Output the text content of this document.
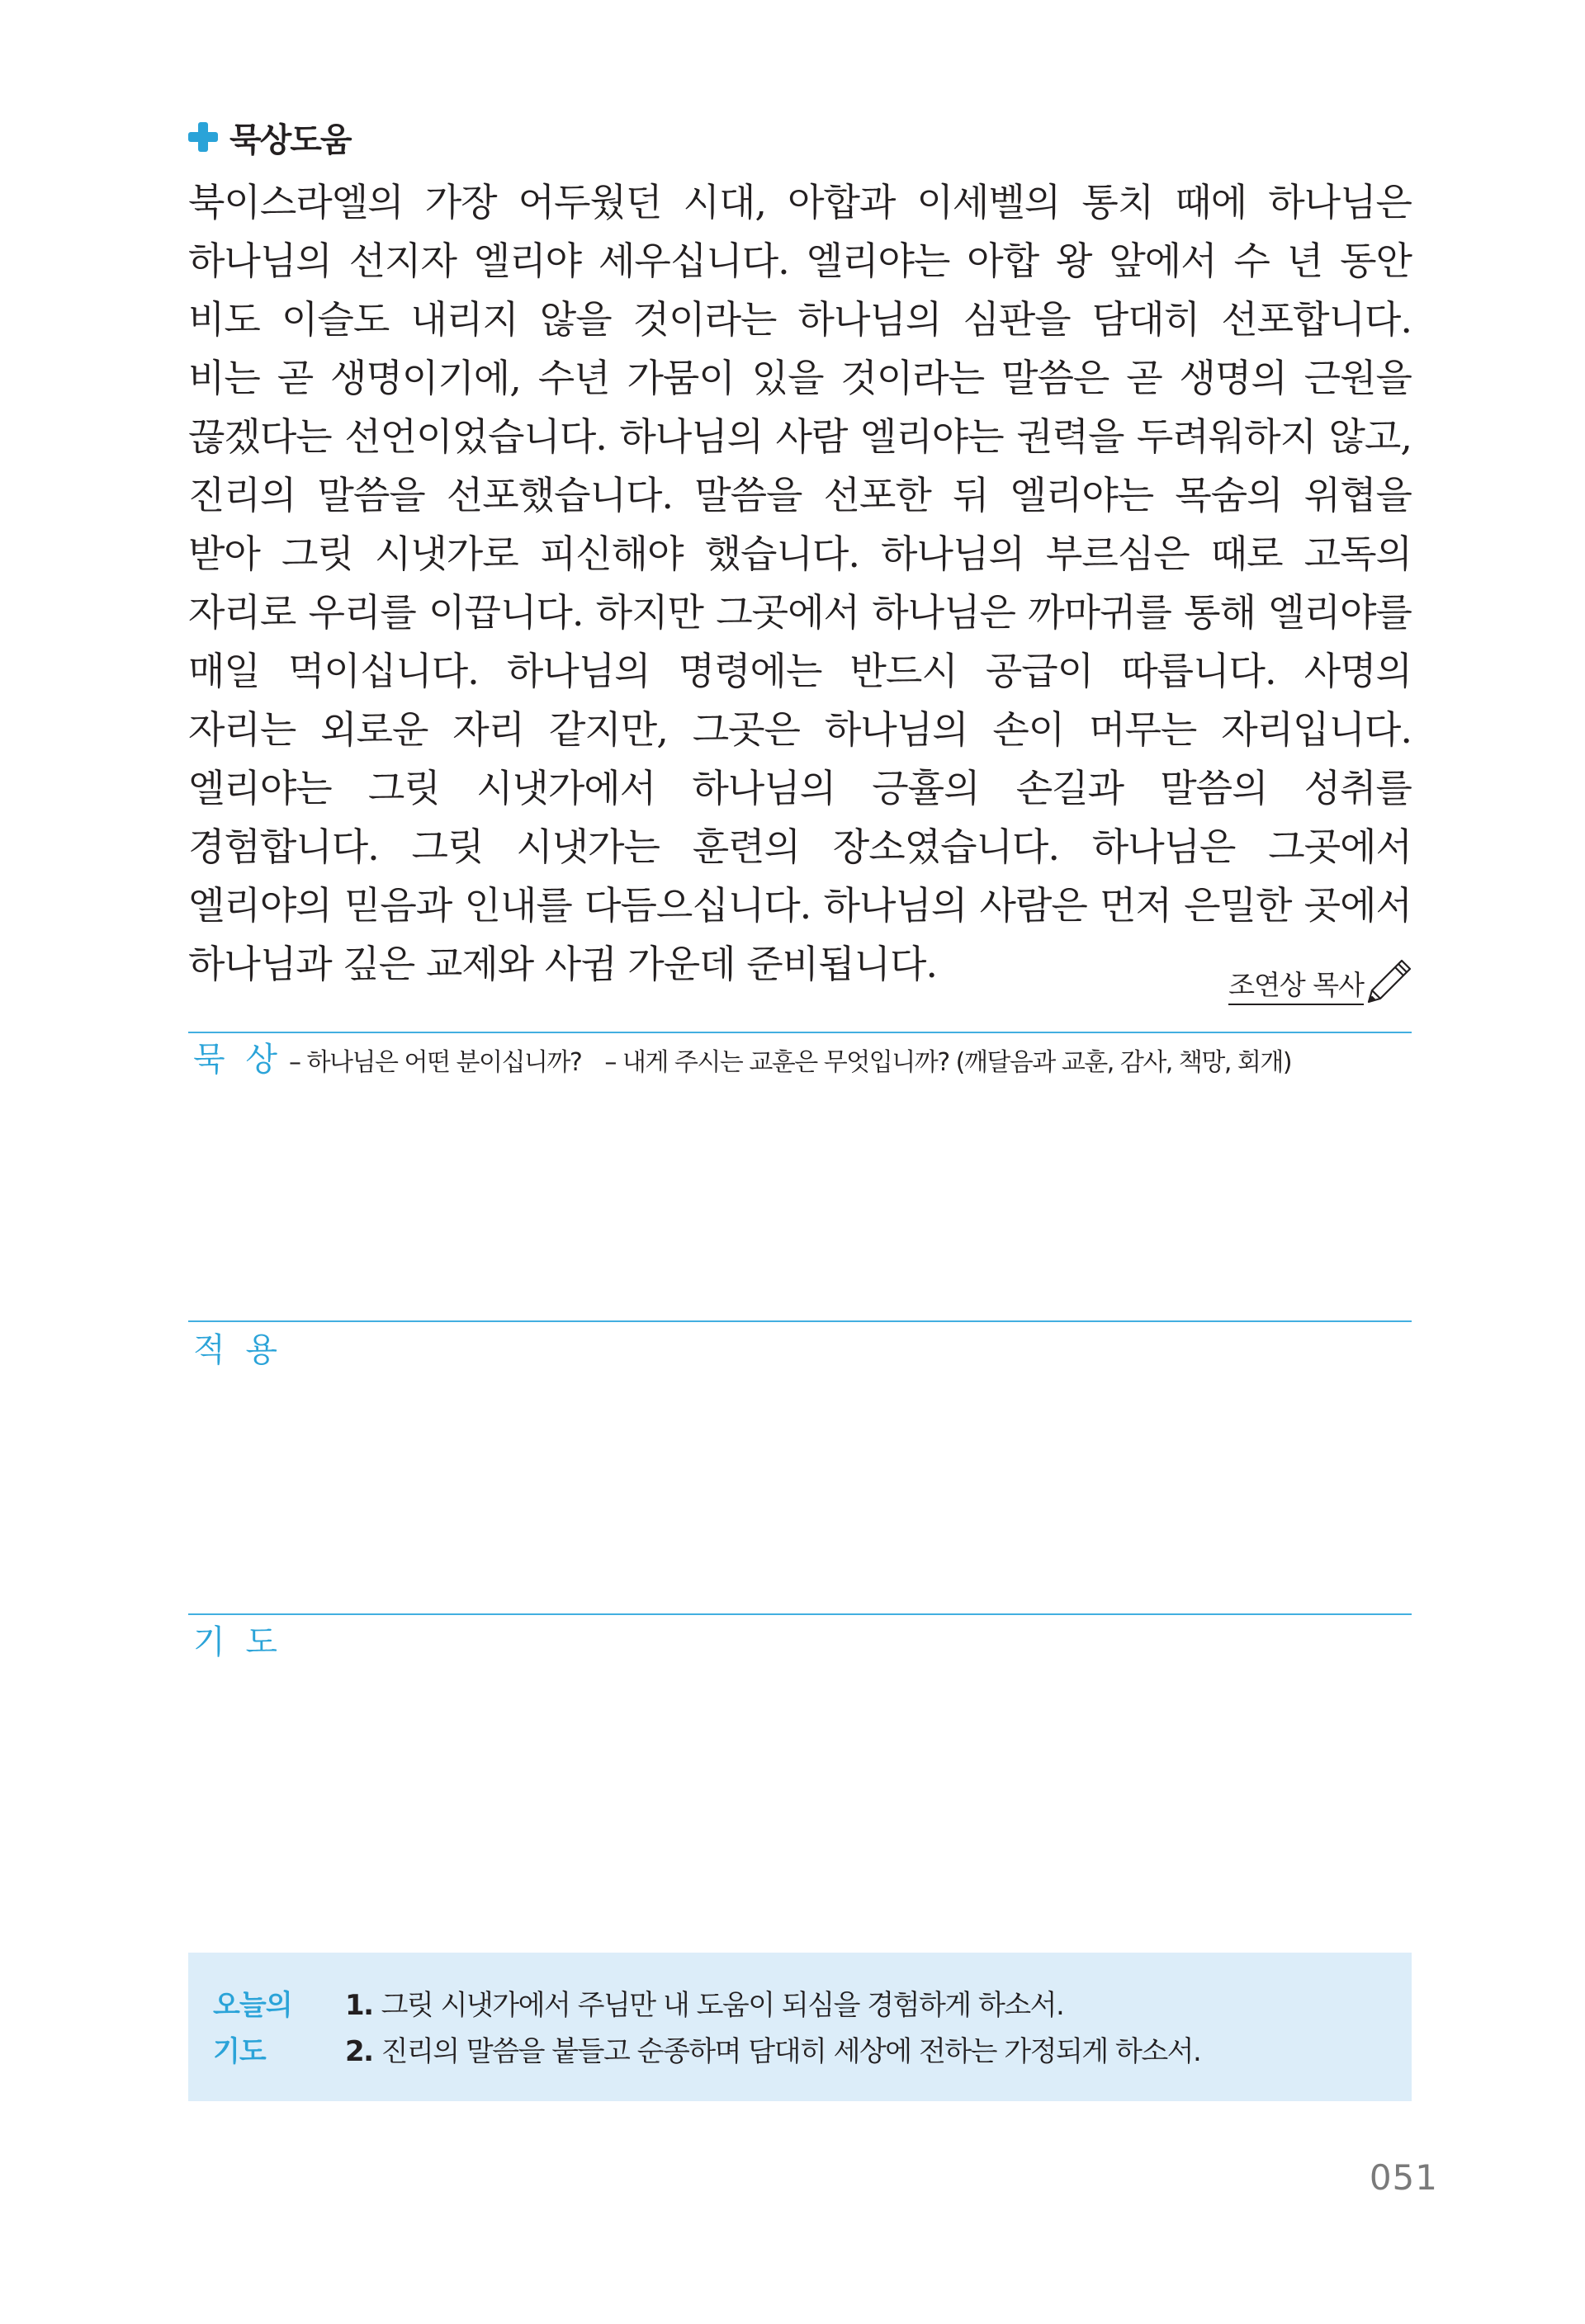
묵상도움
북이스라엘의 가장 어두웠던 시대, 아합과 이세벨의 통치 때에 하나님은 하나님의 선지자 엘리야 세우십니다. 엘리야는 아합 왕 앞에서 수 년 동안 비도 이슬도 내리지 않을 것이라는 하나님의 심판을 담대히 선포합니다. 비는 곧 생명이기에, 수년 가뭄이 있을 것이라는 말씀은 곧 생명의 근원을 끊겠다는 선언이었습니다. 하나님의 사람 엘리야는 권력을 두려워하지 않고, 진리의 말씀을 선포했습니다. 말씀을 선포한 뒤 엘리야는 목숨의 위협을 받아 그릿 시냇가로 피신해야 했습니다. 하나님의 부르심은 때로 고독의 자리로 우리를 이끕니다. 하지만 그곳에서 하나님은 까마귀를 통해 엘리야를 매일 먹이십니다. 하나님의 명령에는 반드시 공급이 따릅니다. 사명의 자리는 외로운 자리 같지만, 그곳은 하나님의 손이 머무는 자리입니다. 엘리야는 그릿 시냇가에서 하나님의 긍휼의 손길과 말씀의 성취를 경험합니다. 그릿 시냇가는 훈련의 장소였습니다. 하나님은 그곳에서 엘리야의 믿음과 인내를 다듬으십니다. 하나님의 사람은 먼저 은밀한 곳에서 하나님과 깊은 교제와 사귐 가운데 준비됩니다.	조연상 목사
묵 상 – 하나님은 어떤 분이십니까? – 내게 주시는 교훈은 무엇입니까? (깨달음과 교훈, 감사, 책망, 회개)
적 용
기 도
오늘의
기도
1. 그릿 시냇가에서 주님만 내 도움이 되심을 경험하게 하소서.
2. 진리의 말씀을 붙들고 순종하며 담대히 세상에 전하는 가정되게 하소서.
051
